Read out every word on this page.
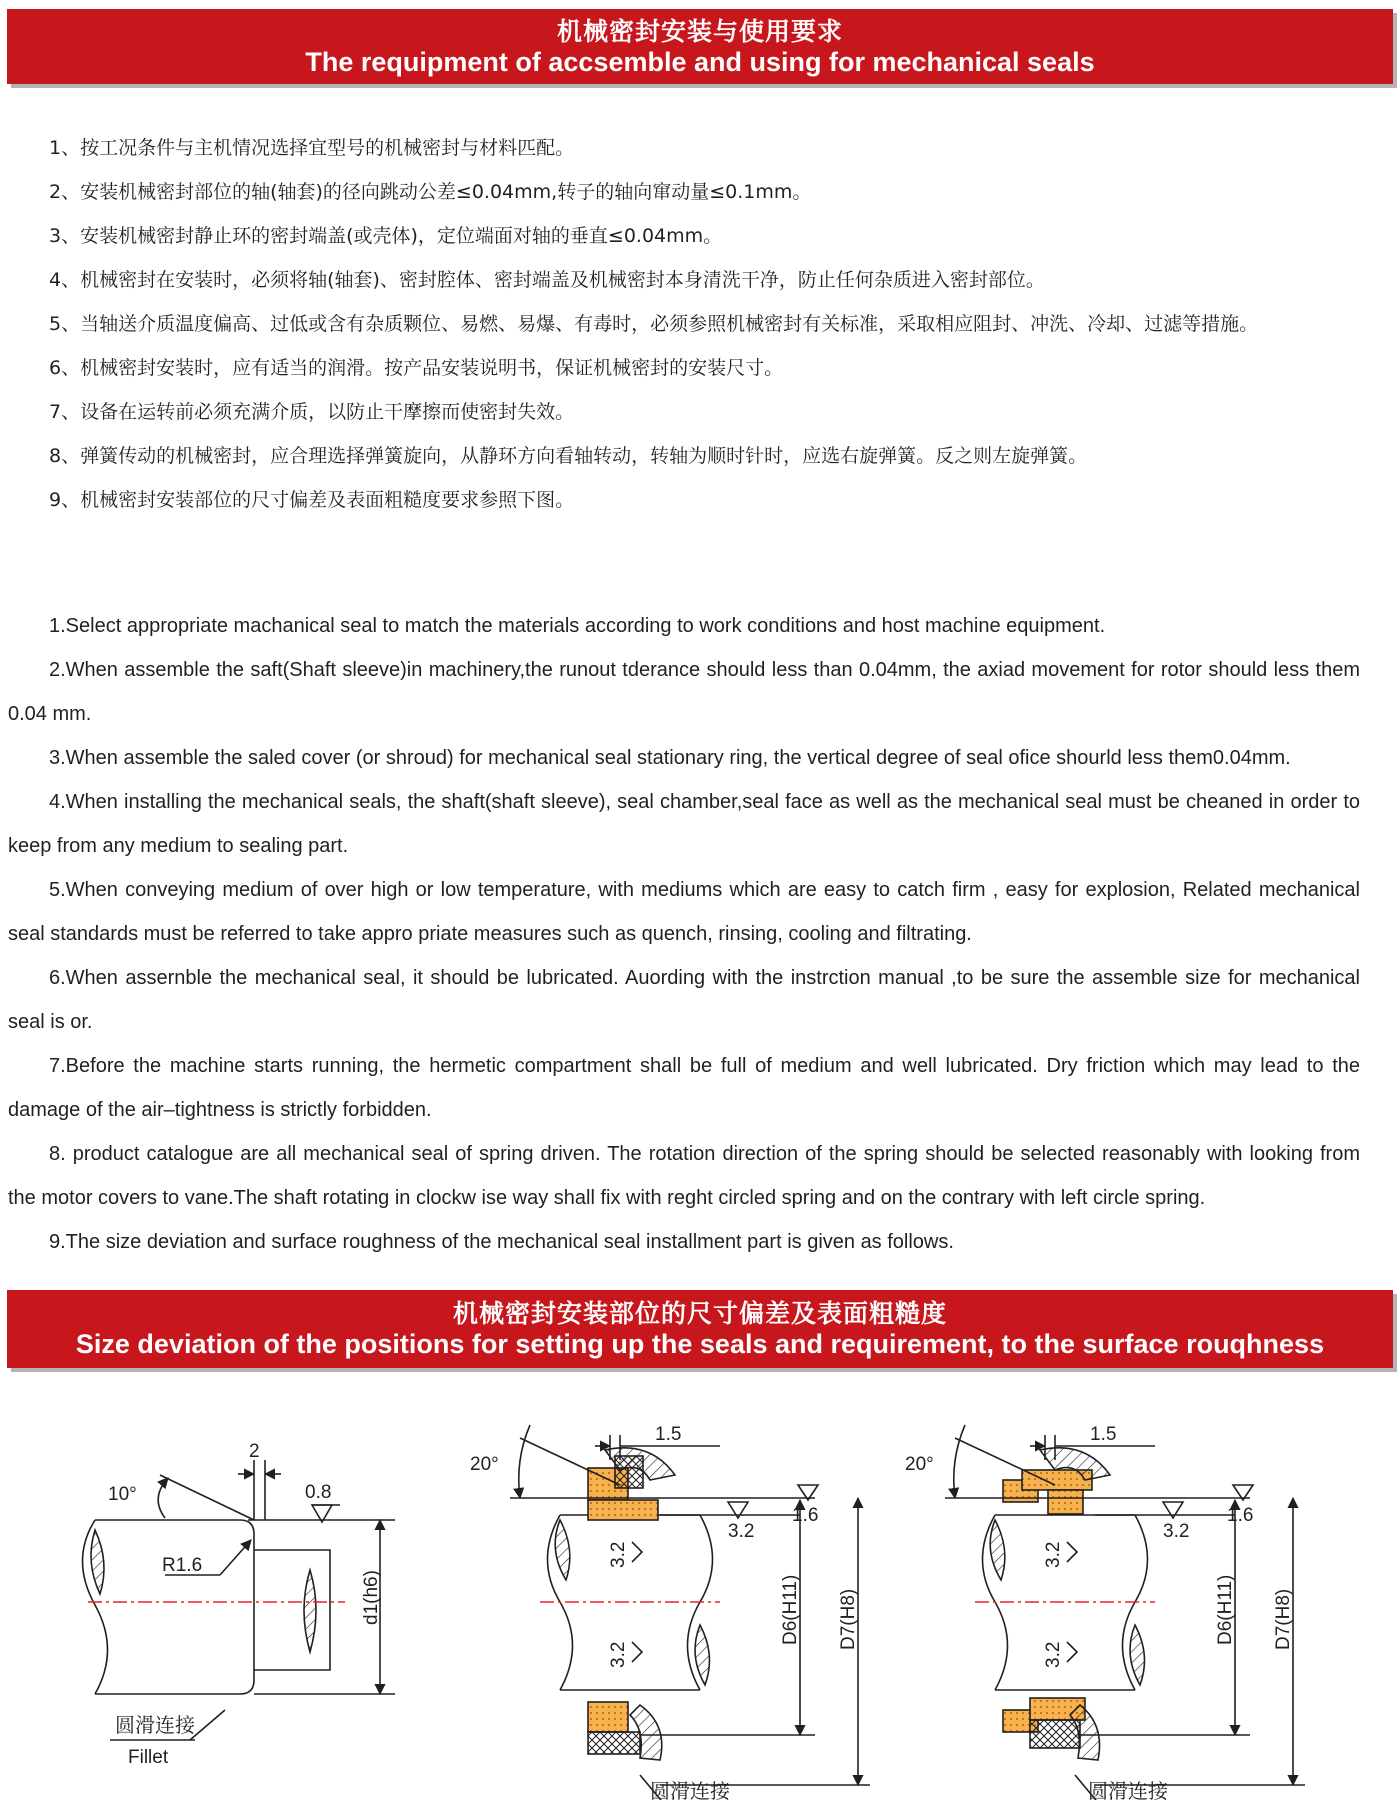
机械密封安装与使用要求
The requipment of accsemble and using for mechanical seals
1、按工况条件与主机情况选择宜型号的机械密封与材料匹配。
2、安装机械密封部位的轴(轴套)的径向跳动公差≤0.04mm,转子的轴向窜动量≤0.1mm。
3、安装机械密封静止环的密封端盖(或壳体)，定位端面对轴的垂直≤0.04mm。
4、机械密封在安装时，必须将轴(轴套)、密封腔体、密封端盖及机械密封本身清洗干净，防止任何杂质进入密封部位。
5、当轴送介质温度偏高、过低或含有杂质颗位、易燃、易爆、有毒时，必须参照机械密封有关标准，采取相应阻封、冲洗、冷却、过滤等措施。
6、机械密封安装时，应有适当的润滑。按产品安装说明书，保证机械密封的安装尺寸。
7、设备在运转前必须充满介质，以防止干摩擦而使密封失效。
8、弹簧传动的机械密封，应合理选择弹簧旋向，从静环方向看轴转动，转轴为顺时针时，应选右旋弹簧。反之则左旋弹簧。
9、机械密封安装部位的尺寸偏差及表面粗糙度要求参照下图。
1.Select appropriate machanical seal to match the materials according to work conditions and host machine equipment.
2.When assemble the saft(Shaft sleeve)in machinery,the runout tderance should less than 0.04mm, the axiad movement for rotor should less them 0.04 mm.
3.When assemble the saled cover (or shroud) for mechanical seal stationary ring, the vertical degree of seal ofice shourld less them0.04mm.
4.When installing the mechanical seals, the shaft(shaft sleeve), seal chamber,seal face as well as the mechanical seal must be cheaned in order to keep from any medium to sealing part.
5.When conveying medium of over high or low temperature, with mediums which are easy to catch firm , easy for explosion, Related mechanical seal standards must be referred to take appro priate measures such as quench, rinsing, cooling and filtrating.
6.When assernble the mechanical seal, it should be lubricated. Auording with the instrction manual ,to be sure the assemble size for mechanical seal is or.
7.Before the machine starts running, the hermetic compartment shall be full of medium and well lubricated. Dry friction which may lead to the damage of the air–tightness is strictly forbidden.
8. product catalogue are all mechanical seal of spring driven. The rotation direction of the spring should be selected reasonably with looking from the motor covers to vane.The shaft rotating in clockw ise way shall fix with reght circled spring and on the contrary with left circle spring.
9.The size deviation and surface roughness of the mechanical seal installment part is given as follows.
机械密封安装部位的尺寸偏差及表面粗糙度
Size deviation of the positions for setting up the seals and requirement, to the surface rouqhness
2
10°	0.8
R1.6
d1(h6)
圆滑连接
Fillet
20°
1.5
3.2
1.6
3.2
3.2
D6(H11) D7(H8)
圆滑连接
20°
1.5
3.2
1.6
3.2
3.2
D6(H11) D7(H8)
圆滑连接
